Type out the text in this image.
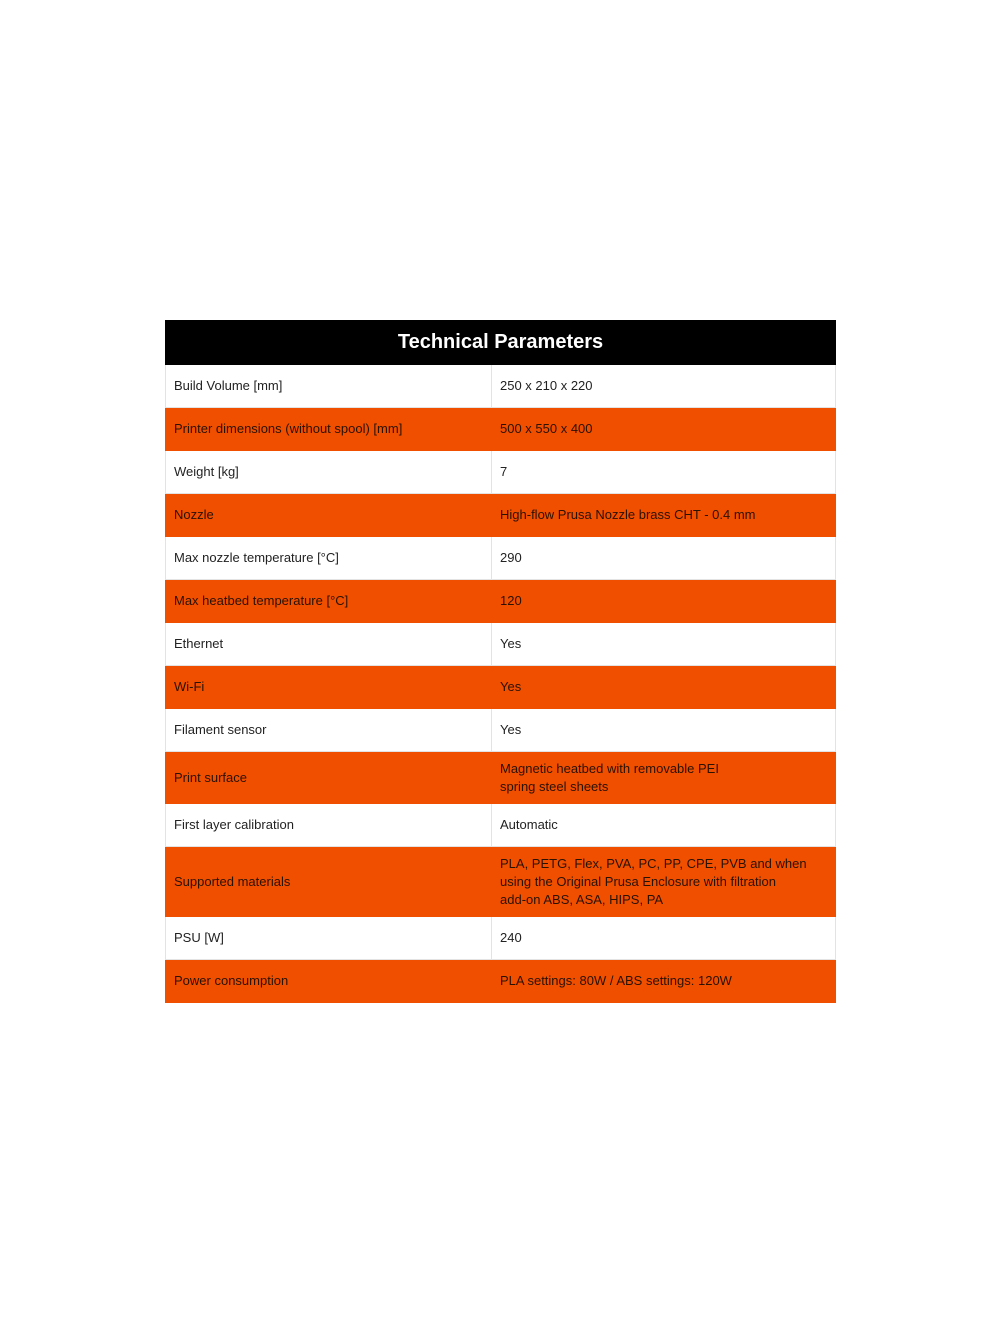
Technical Parameters	
Build Volume [mm]	250 x 210 x 220

Printer dimensions (without spool) [mm]	500 x 550 x 400

Weight [kg]	7

Nozzle	High-flow Prusa Nozzle brass CHT - 0.4 mm

Max nozzle temperature [°C]	290

Max heatbed temperature [°C]	120

Ethernet	Yes

Wi-Fi	Yes

Filament sensor	Yes

Print surface	Magnetic heatbed with removable PEI
spring steel sheets

First layer calibration	Automatic

Supported materials	PLA, PETG, Flex, PVA, PC, PP, CPE, PVB and when
using the Original Prusa Enclosure with filtration
add-on ABS, ASA, HIPS, PA

PSU [W]	240

Power consumption	PLA settings: 80W / ABS settings: 120W
